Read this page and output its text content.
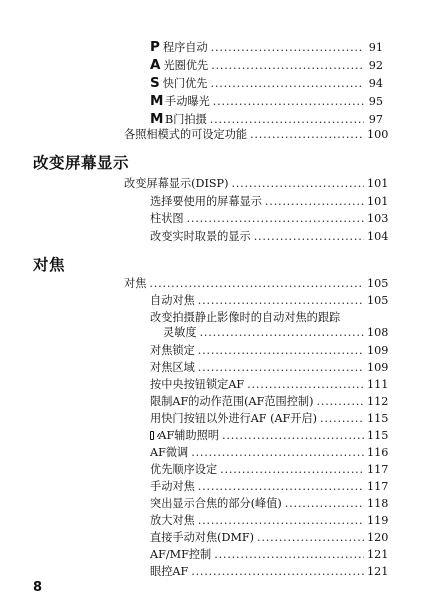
P 程序自动 .....	91
A 光圈优先 .....	92
S 快门优先 .....	94
M 手动曝光 .....	95
M B门拍摄 .....	97
各照相模式的可设定功能 .....	100
改变屏幕显示
改变屏幕显示(DISP) .....	101
选择要使用的屏幕显示 .....	101
柱状图 .....	103
改变实时取景的显示 .....	104
对焦
对焦 .....	105
自动对焦 .....	105
改变拍摄静止影像时的自动对焦的跟踪
灵敏度 .....	108
对焦锁定 .....	109
对焦区域 .....	109
按中央按钮锁定AF .....	111
限制AF的动作范围(AF范围控制) .....	112
用快门按钮以外进行AF (AF开启) .....	115
AF辅助照明 .....	115
AF微调 .....	116
优先顺序设定 .....	117
手动对焦 .....	117
突出显示合焦的部分(峰值) .....	118
放大对焦 .....	119
直接手动对焦(DMF) .....	120
AF/MF控制 .....	121
眼控AF .....	121
8
